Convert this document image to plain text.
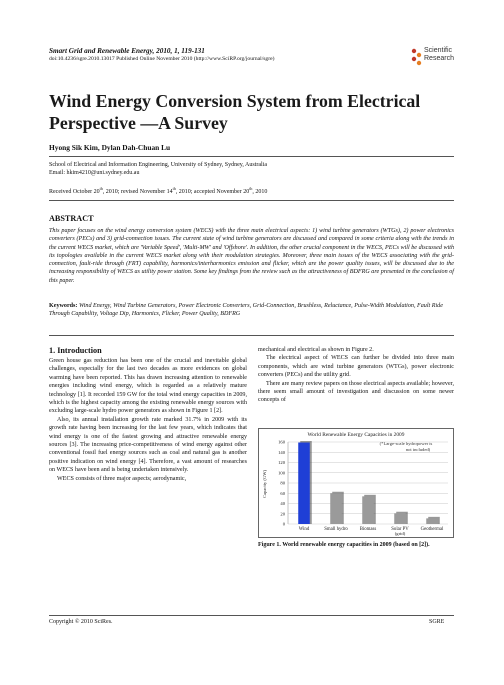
Smart Grid and Renewable Energy, 2010, 1, 119-131
doi:10.4236/sgre.2010.13017 Published Online November 2010 (http://www.SciRP.org/journal/sgre)
Scientific
Research
Wind Energy Conversion System from Electrical Perspective —A Survey
Hyong Sik Kim, Dylan Dah-Chuan Lu
School of Electrical and Information Engineering, University of Sydney, Sydney, Australia
Email: hkim4210@uni.sydney.edu.au
Received October 20th, 2010; revised November 14th, 2010; accepted November 20th, 2010
ABSTRACT
This paper focuses on the wind energy conversion system (WECS) with the three main electrical aspects: 1) wind turbine generators (WTGs), 2) power electronics converters (PECs) and 3) grid-connection issues. The current state of wind turbine generators are discussed and compared in some criteria along with the trends in the current WECS market, which are 'Variable Speed', 'Multi-MW' and 'Offshore'. In addition, the other crucial component in the WECS, PECs will be discussed with its topologies available in the current WECS market along with their modulation strategies. Moreover, three main issues of the WECS associating with the grid-connection, fault-ride through (FRT) capability, harmonics/interharmonics emission and flicker, which are the power quality issues, will be discussed due to the increasing responsibility of WECS as utility power station. Some key findings from the review such as the attractiveness of BDFRG are presented in the conclusion of this paper.
Keywords: Wind Energy, Wind Turbine Generators, Power Electronic Converters, Grid-Connection, Brushless, Reluctance, Pulse-Width Modulation, Fault Ride Through Capability, Voltage Dip, Harmonics, Flicker, Power Quality, BDFRG
1. Introduction

Green house gas reduction has been one of the crucial and inevitable global challenges, especially for the last two decades as more evidences on global warming have been reported. This has drawn increasing attention to renewable energies including wind energy, which is regarded as a relatively mature technology [1]. It recorded 159 GW for the total wind energy capacities in 2009, which is the highest capacity among the existing renewable energy sources with excluding large-scale hydro power generators as shown in Figure 1 [2].

Also, its annual installation growth rate marked 31.7% in 2009 with its growth rate having been increasing for the last few years, which indicates that wind energy is one of the fastest growing and attractive renewable energy sources [3]. The increasing price-competitiveness of wind energy against other conventional fossil fuel energy sources such as coal and natural gas is another positive indication on wind energy [4]. Therefore, a vast amount of researches on WECS have been and is being undertaken intensively.

WECS consists of three major aspects; aerodynamic,

mechanical and electrical as shown in Figure 2.

The electrical aspect of WECS can further be divided into three main components, which are wind turbine generators (WTGs), power electronic converters (PECs) and the utility grid.

There are many review papers on those electrical aspects available; however, there seem small amount of investigation and discussion on some newer concepts of

World Renewable Energy Capacities in 2009
(*Large-scale hydropower is
not included)
Capacity (GW)
0
20
40
60
80
100
120
140
160
Wind	Small hydro Biomass	Solar PV
(grid)
Geothermal
Figure 1. World renewable energy capacities in 2009 (based on [2]).
Copyright © 2010 SciRes.	SGRE
